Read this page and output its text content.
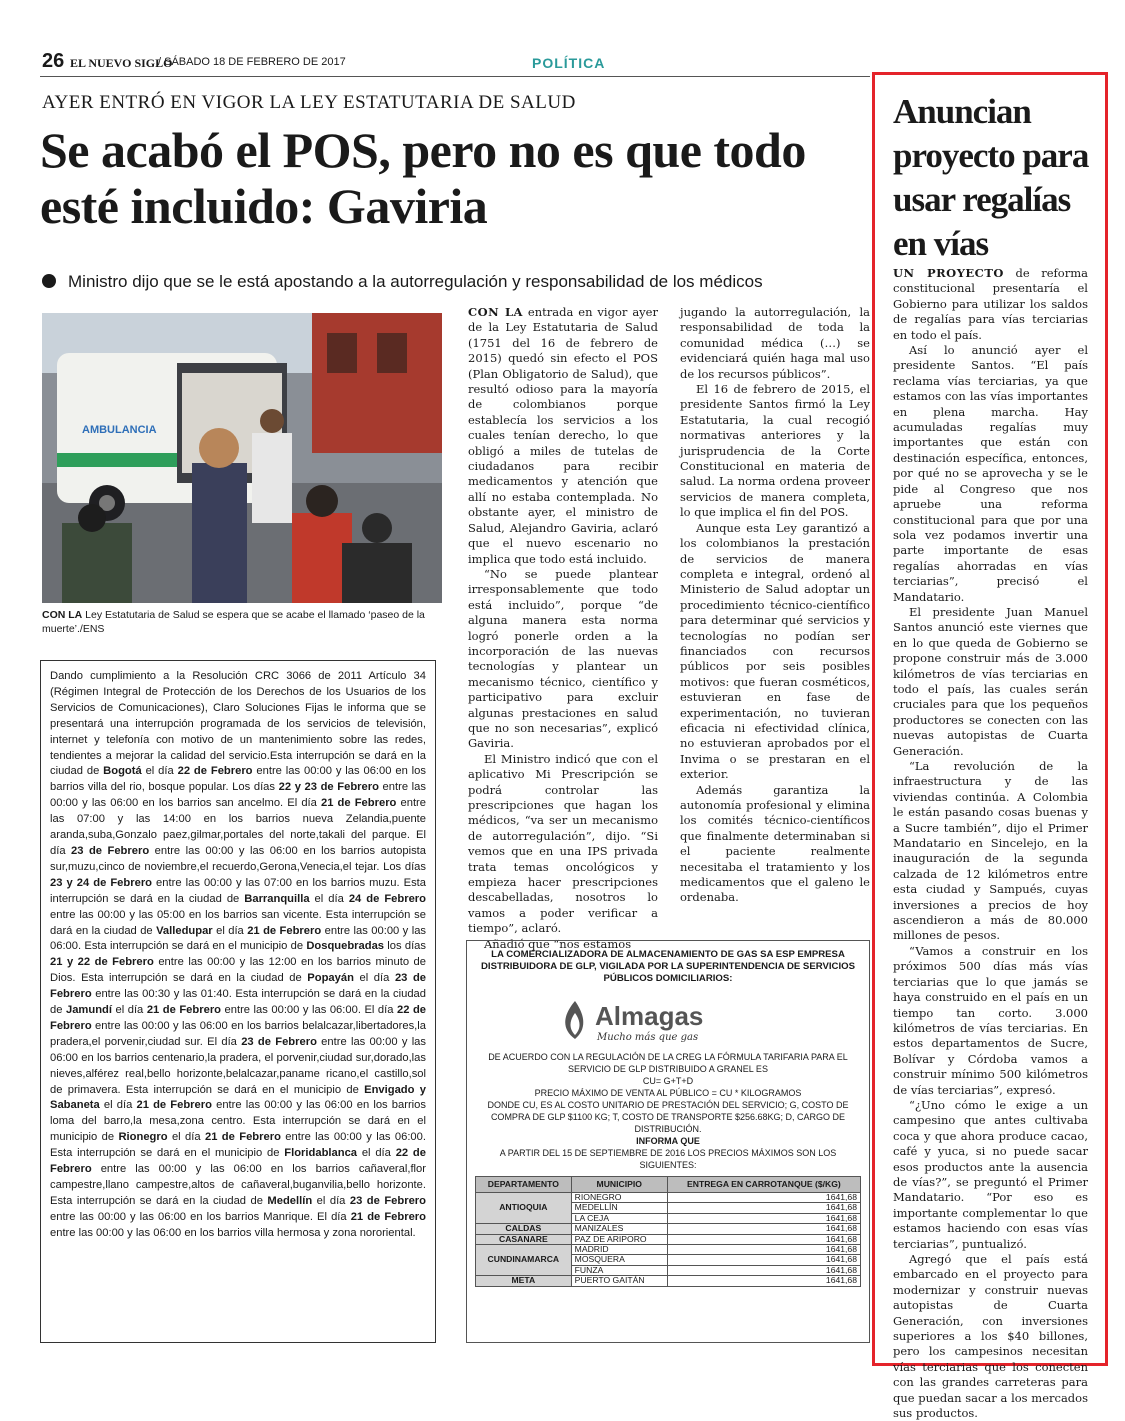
26 EL NUEVO SIGLO
/ SÁBADO 18 DE FEBRERO DE 2017	POLÍTICA
AYER ENTRÓ EN VIGOR LA LEY ESTATUTARIA DE SALUD
Se acabó el POS, pero no es que todo esté incluido: Gaviria
Ministro dijo que se le está apostando a la autorregulación y responsabilidad de los médicos
AMBULANCIA
CON LA Ley Estatutaria de Salud se espera que se acabe el llamado ‘paseo de la muerte’./ENS

CON LA entrada en vigor ayer de la Ley Estatutaria de Salud (1751 del 16 de febrero de 2015) quedó sin efecto el POS (Plan Obligatorio de Salud), que resultó odioso para la mayoría de colombianos porque establecía los servicios a los cuales tenían derecho, lo que obligó a miles de tutelas de ciudadanos para recibir medicamentos y atención que allí no estaba contemplada. No obstante ayer, el ministro de Salud, Alejandro Gaviria, aclaró que el nuevo escenario no implica que todo está incluido.

“No se puede plantear irresponsablemente que todo está incluido”, porque “de alguna manera esta norma logró ponerle orden a la incorporación de las nuevas tecnologías y plantear un mecanismo técnico, científico y participativo para excluir algunas prestaciones en salud que no son necesarias”, explicó Gaviria.

El Ministro indicó que con el aplicativo Mi Prescripción se podrá controlar las prescripciones que hagan los médicos, “va ser un mecanismo de autorregulación”, dijo. “Si vemos que en una IPS privada trata temas oncológicos y empieza hacer prescripciones descabelladas, nosotros lo vamos a poder verificar a tiempo”, aclaró.

Añadió que “nos estamos

jugando la autorregulación, la responsabilidad de toda la comunidad médica (…) se evidenciará quién haga mal uso de los recursos públicos”.

El 16 de febrero de 2015, el presidente Santos firmó la Ley Estatutaria, la cual recogió normativas anteriores y la jurisprudencia de la Corte Constitucional en materia de salud. La norma ordena proveer servicios de manera completa, lo que implica el fin del POS.

Aunque esta Ley garantizó a los colombianos la prestación de servicios de manera completa e integral, ordenó al Ministerio de Salud adoptar un procedimiento técnico-científico para determinar qué servicios y tecnologías no podían ser financiados con recursos públicos por seis posibles motivos: que fueran cosméticos, estuvieran en fase de experimentación, no tuvieran eficacia ni efectividad clínica, no estuvieran aprobados por el Invima o se prestaran en el exterior.

Además garantiza la autonomía profesional y elimina los comités técnico-científicos que finalmente determinaban si el paciente realmente necesitaba el tratamiento y los medicamentos que el galeno le ordenaba.

Dando cumplimiento a la Resolución CRC 3066 de 2011 Artículo 34 (Régimen Integral de Protección de los Derechos de los Usuarios de los Servicios de Comunicaciones), Claro Soluciones Fijas le informa que se presentará una interrupción programada de los servicios de televisión, internet y telefonía con motivo de un mantenimiento sobre las redes, tendientes a mejorar la calidad del servicio.Esta interrupción se dará en la ciudad de Bogotá el día 22 de Febrero entre las 00:00 y las 06:00 en los barrios villa del rio, bosque popular. Los días 22 y 23 de Febrero entre las 00:00 y las 06:00 en los barrios san ancelmo. El día 21 de Febrero entre las 07:00 y las 14:00 en los barrios nueva Zelandia,puente aranda,suba,Gonzalo paez,gilmar,portales del norte,takali del parque. El día 23 de Febrero entre las 00:00 y las 06:00 en los barrios autopista sur,muzu,cinco de noviembre,el recuerdo,Gerona,Venecia,el tejar. Los días 23 y 24 de Febrero entre las 00:00 y las 07:00 en los barrios muzu. Esta interrupción se dará en la ciudad de Barranquilla el día 24 de Febrero entre las 00:00 y las 05:00 en los barrios san vicente. Esta interrupción se dará en la ciudad de Valledupar el día 21 de Febrero entre las 00:00 y las 06:00. Esta interrupción se dará en el municipio de Dosquebradas los días 21 y 22 de Febrero entre las 00:00 y las 12:00 en los barrios minuto de Dios. Esta interrupción se dará en la ciudad de Popayán el día 23 de Febrero entre las 00:30 y las 01:40. Esta interrupción se dará en la ciudad de Jamundí el día 21 de Febrero entre las 00:00 y las 06:00. El día 22 de Febrero entre las 00:00 y las 06:00 en los barrios belalcazar,libertadores,la pradera,el porvenir,ciudad sur. El día 23 de Febrero entre las 00:00 y las 06:00 en los barrios centenario,la pradera, el porvenir,ciudad sur,dorado,las nieves,alférez real,bello horizonte,belalcazar,paname ricano,el castillo,sol de primavera. Esta interrupción se dará en el municipio de Envigado y Sabaneta el día 21 de Febrero entre las 00:00 y las 06:00 en los barrios loma del barro,la mesa,zona centro. Esta interrupción se dará en el municipio de Rionegro el día 21 de Febrero entre las 00:00 y las 06:00. Esta interrupción se dará en el municipio de Floridablanca el día 22 de Febrero entre las 00:00 y las 06:00 en los barrios cañaveral,flor campestre,llano campestre,altos de cañaveral,buganvilia,bello horizonte. Esta interrupción se dará en la ciudad de Medellín el día 23 de Febrero entre las 00:00 y las 06:00 en los barrios Manrique. El día 21 de Febrero entre las 00:00 y las 06:00 en los barrios villa hermosa y zona nororiental.
LA COMERCIALIZADORA DE ALMACENAMIENTO DE GAS SA ESP EMPRESA DISTRIBUIDORA DE GLP, VIGILADA POR LA SUPERINTENDENCIA DE SERVICIOS PÚBLICOS DOMICILIARIOS:
Almagas
Mucho más que gas
DE ACUERDO CON LA REGULACIÓN DE LA CREG LA FÓRMULA TARIFARIA PARA EL SERVICIO DE GLP DISTRIBUIDO A GRANEL ES
CU= G+T+D
PRECIO MÁXIMO DE VENTA AL PÚBLICO = CU * KILOGRAMOS
DONDE CU, ES AL COSTO UNITARIO DE PRESTACIÓN DEL SERVICIO; G, COSTO DE COMPRA DE GLP $1100 KG; T, COSTO DE TRANSPORTE $256.68KG; D, CARGO DE DISTRIBUCIÓN.
INFORMA QUE
A PARTIR DEL 15 DE SEPTIEMBRE DE 2016 LOS PRECIOS MÁXIMOS SON LOS SIGUIENTES:
DEPARTAMENTO	MUNICIPIO	ENTREGA EN CARROTANQUE ($/KG)
ANTIOQUIA	RIONEGRO	1641,68
	MEDELLÍN	1641,68
	LA CEJA	1641,68
CALDAS	MANIZALES	1641,68
CASANARE	PAZ DE ARIPORO	1641,68
CUNDINAMARCA	MADRID	1641,68
	MOSQUERA	1641,68
	FUNZA	1641,68
META	PUERTO GAITÁN	1641,68
Anuncian proyecto para usar regalías en vías

UN PROYECTO de reforma constitucional presentaría el Gobierno para utilizar los saldos de regalías para vías terciarias en todo el país.

Así lo anunció ayer el presidente Santos. “El país reclama vías terciarias, ya que estamos con las vías importantes en plena marcha. Hay acumuladas regalías muy importantes que están con destinación específica, entonces, por qué no se aprovecha y se le pide al Congreso que nos apruebe una reforma constitucional para que por una sola vez podamos invertir una parte importante de esas regalías ahorradas en vías terciarias”, precisó el Mandatario.

El presidente Juan Manuel Santos anunció este viernes que en lo que queda de Gobierno se propone construir más de 3.000 kilómetros de vías terciarias en todo el país, las cuales serán cruciales para que los pequeños productores se conecten con las nuevas autopistas de Cuarta Generación.

“La revolución de la infraestructura y de las viviendas continúa. A Colombia le están pasando cosas buenas y a Sucre también”, dijo el Primer Mandatario en Sincelejo, en la inauguración de la segunda calzada de 12 kilómetros entre esta ciudad y Sampués, cuyas inversiones a precios de hoy ascendieron a más de 80.000 millones de pesos.

“Vamos a construir en los próximos 500 días más vías terciarias que lo que jamás se haya construido en el país en un tiempo tan corto. 3.000 kilómetros de vías terciarias. En estos departamentos de Sucre, Bolívar y Córdoba vamos a construir mínimo 500 kilómetros de vías terciarias”, expresó.

“¿Uno cómo le exige a un campesino que antes cultivaba coca y que ahora produce cacao, café y yuca, si no puede sacar esos productos ante la ausencia de vías?”, se preguntó el Primer Mandatario. “Por eso es importante complementar lo que estamos haciendo con esas vías terciarias”, puntualizó.

Agregó que el país está embarcado en el proyecto para modernizar y construir nuevas autopistas de Cuarta Generación, con inversiones superiores a los $40 billones, pero los campesinos necesitan vías terciarias que los conecten con las grandes carreteras para que puedan sacar a los mercados sus productos.
